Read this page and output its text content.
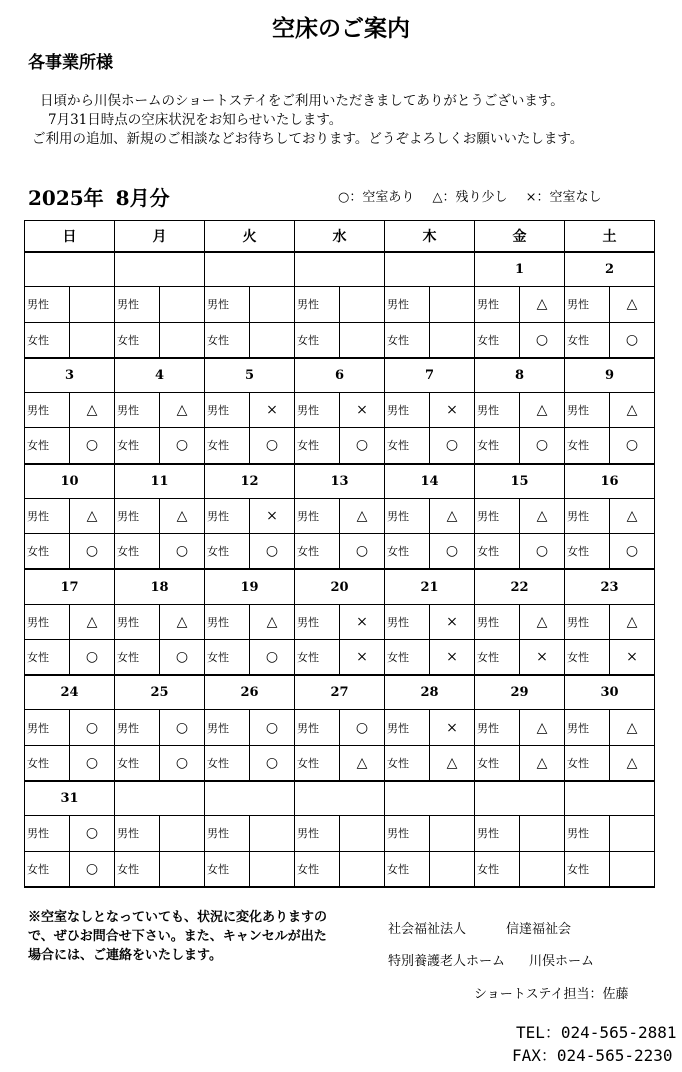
空床のご案内
各事業所様
日頃から川俣ホームのショートステイをご利用いただきましてありがとうございます。
7月31日時点の空床状況をお知らせいたします。
ご利用の追加、新規のご相談などお待ちしております。どうぞよろしくお願いいたします。
2025年 8月分	○：空室あり △：残り少し ×：空室なし
日		月		火		水		木		金		土	
										1		2	
男性		男性		男性		男性		男性		男性	△	男性	△
女性		女性		女性		女性		女性		女性	○	女性	○
3		4		5		6		7		8		9	
男性	△	男性	△	男性	×	男性	×	男性	×	男性	△	男性	△
女性	○	女性	○	女性	○	女性	○	女性	○	女性	○	女性	○
10		11		12		13		14		15		16	
男性	△	男性	△	男性	×	男性	△	男性	△	男性	△	男性	△
女性	○	女性	○	女性	○	女性	○	女性	○	女性	○	女性	○
17		18		19		20		21		22		23	
男性	△	男性	△	男性	△	男性	×	男性	×	男性	△	男性	△
女性	○	女性	○	女性	○	女性	×	女性	×	女性	×	女性	×
24		25		26		27		28		29		30	
男性	○	男性	○	男性	○	男性	○	男性	×	男性	△	男性	△
女性	○	女性	○	女性	○	女性	△	女性	△	女性	△	女性	△
31													
男性	○	男性		男性		男性		男性		男性		男性	
女性	○	女性		女性		女性		女性		女性		女性	
※空室なしとなっていても、状況に変化ありますので、ぜひお問合せ下さい。また、キャンセルが出た場合には、ご連絡をいたします。
社会福祉法人	信達福祉会
特別養護老人ホーム 川俣ホーム
ショートステイ担当：佐藤
TEL：024-565-2881
FAX：024-565-2230
